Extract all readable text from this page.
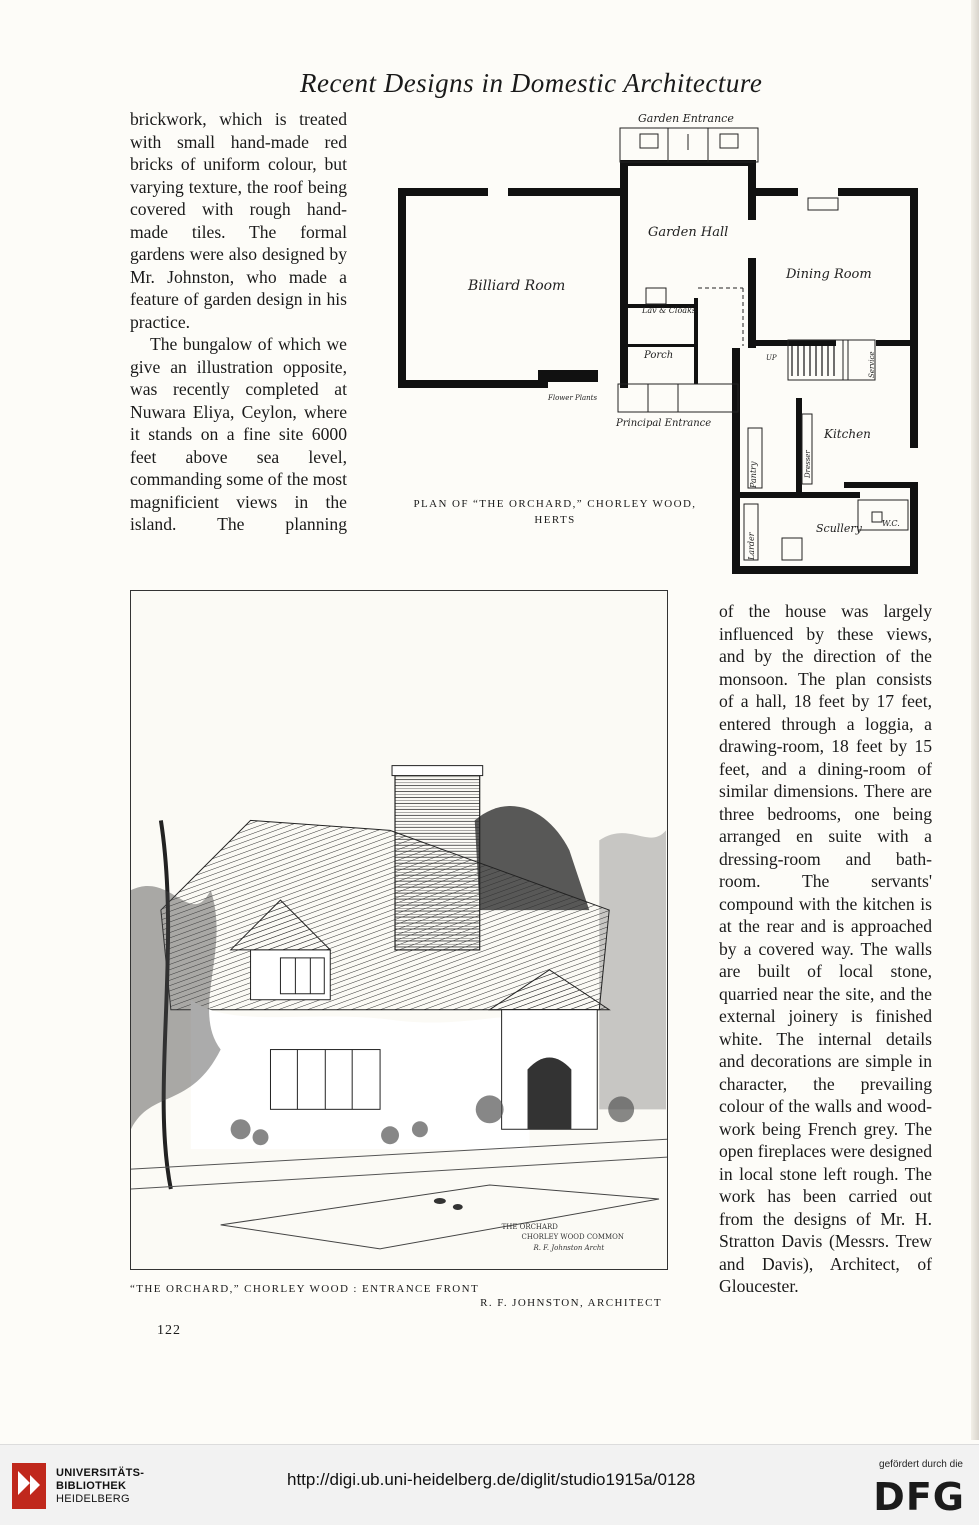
Recent Designs in Domestic Architecture

brickwork, which is treated with small hand-made red bricks of uniform colour, but varying texture, the roof being covered with rough hand-made tiles. The formal gardens were also designed by Mr. Johnston, who made a feature of garden design in his practice.

The bungalow of which we give an illustration opposite, was recently completed at Nuwara Eliya, Ceylon, where it stands on a fine site 6000 feet above sea level, commanding some of the most magnificient views in the island. The planning

Garden Entrance
Garden Hall
Billiard Room
Dining Room
Lav & Cloaks
Porch
Principal Entrance
Kitchen
Scullery	W.C.
UP
Flower Plants
Pantry	Dresser
Larder
Service
PLAN OF “THE ORCHARD,” CHORLEY WOOD,
HERTS
THE ORCHARD
CHORLEY WOOD COMMON
R. F. Johnston Archt
“THE ORCHARD,” CHORLEY WOOD : ENTRANCE FRONT
R. F. JOHNSTON, ARCHITECT

of the house was largely influenced by these views, and by the direction of the monsoon. The plan consists of a hall, 18 feet by 17 feet, entered through a loggia, a drawing-room, 18 feet by 15 feet, and a dining-room of similar dimensions. There are three bedrooms, one being arranged en suite with a dressing-room and bath-room. The servants' compound with the kitchen is at the rear and is approached by a covered way. The walls are built of local stone, quarried near the site, and the external joinery is finished white. The internal details and decorations are simple in character, the prevailing colour of the walls and wood-work being French grey. The open fireplaces were designed in local stone left rough. The work has been carried out from the designs of Mr. H. Stratton Davis (Messrs. Trew and Davis), Architect, of Gloucester.

122
UNIVERSITÄTS-
BIBLIOTHEK
HEIDELBERG
http://digi.ub.uni-heidelberg.de/diglit/studio1915a/0128
gefördert durch die
DFG
